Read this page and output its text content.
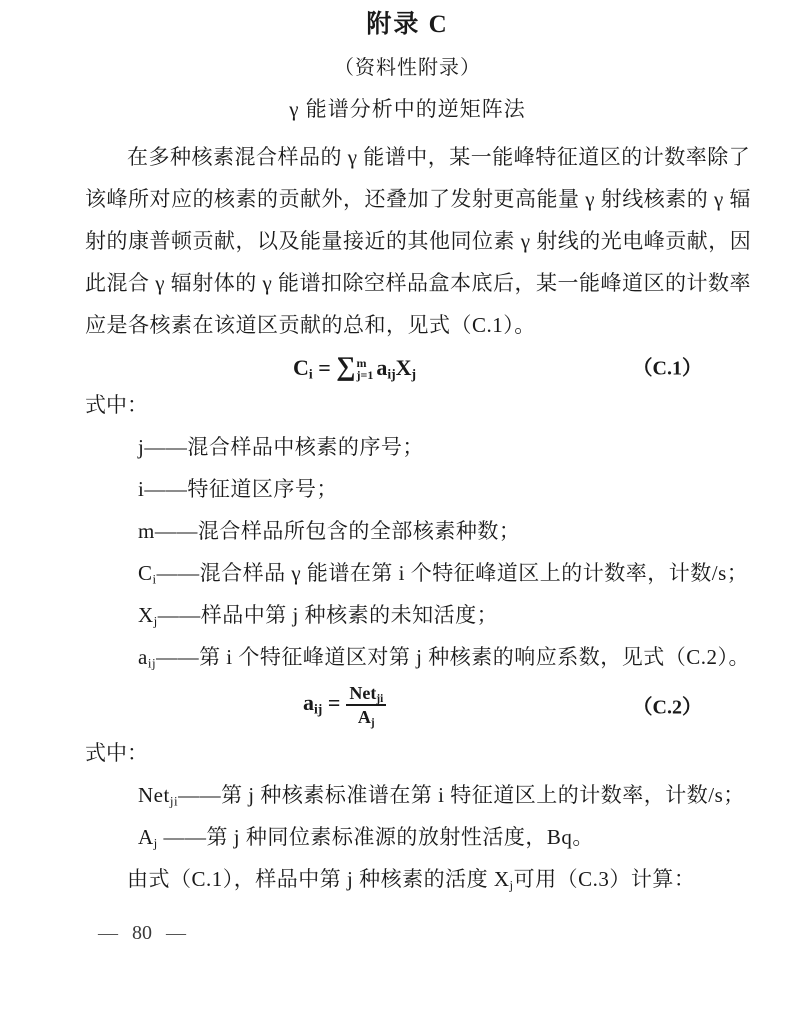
附录 C
（资料性附录）
γ 能谱分析中的逆矩阵法
在多种核素混合样品的 γ 能谱中，某一能峰特征道区的计数率除了
该峰所对应的核素的贡献外，还叠加了发射更高能量 γ 射线核素的 γ 辐
射的康普顿贡献，以及能量接近的其他同位素 γ 射线的光电峰贡献，因
此混合 γ 辐射体的 γ 能谱扣除空样品盒本底后，某一能峰道区的计数率
应是各核素在该道区贡献的总和，见式（C.1）。
$C_i$ = ∑ m
j=1 $a_{ij}X_j$	（C.1）
式中：
j——混合样品中核素的序号；
i——特征道区序号；
m——混合样品所包含的全部核素种数；
$C_i——$混合样品 γ 能谱在第 i 个特征峰道区上的计数率，计数/s；
$X_j——$样品中第 j 种核素的未知活度；
$a_{ij}——$第 i 个特征峰道区对第 j 种核素的响应系数，见式（C.2）。
$a_{ij} = \frac{Net_{ji}}{A_j}$	（C.2）
式中：
Net$_{ji}$——第 j 种核素标准谱在第 i 特征道区上的计数率，计数/s；
$A_j$ ——第 j 种同位素标准源的放射性活度，Bq。
由式（C.1），样品中第 j 种核素的活度 $X_j$可用（C.3）计算：
— 80 —
